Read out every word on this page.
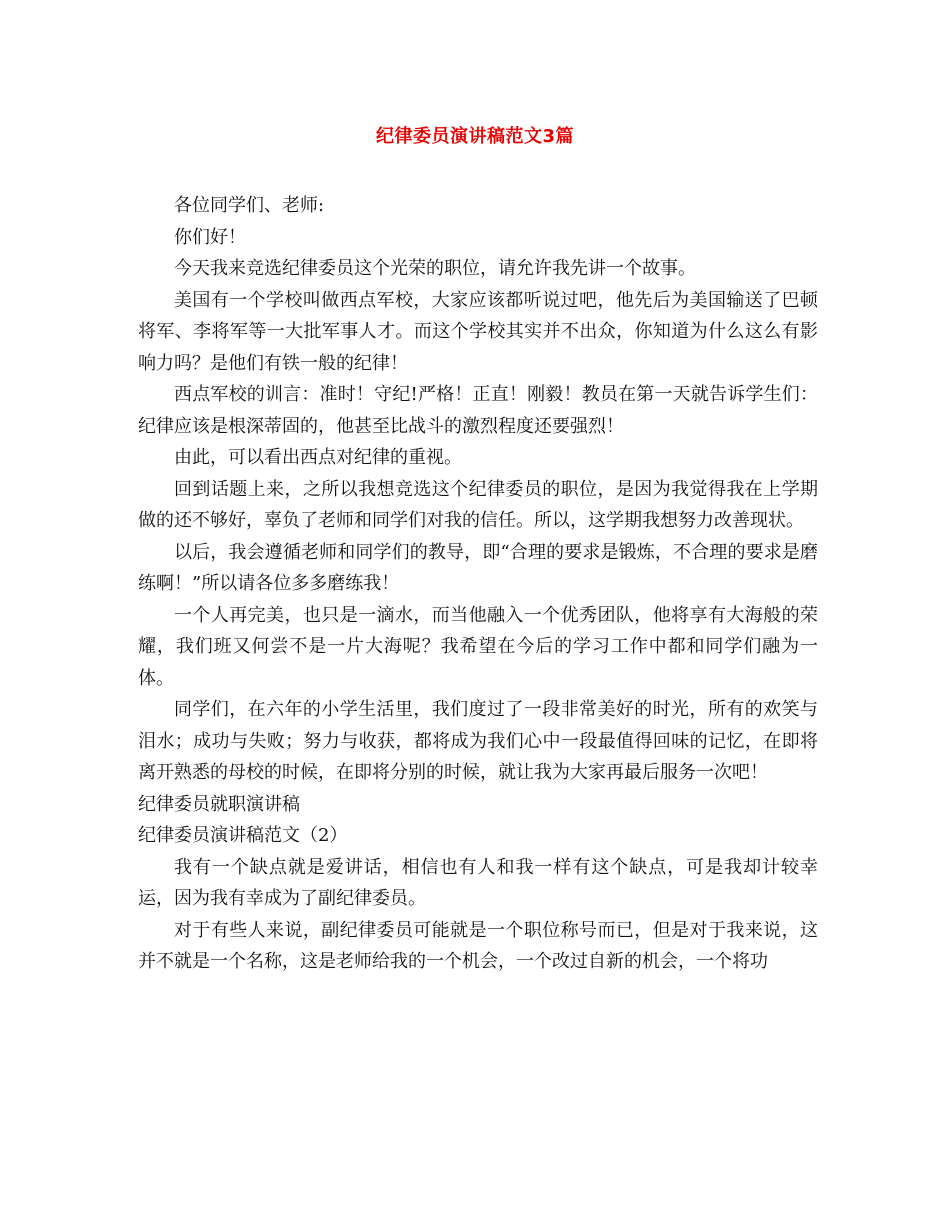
纪律委员演讲稿范文3篇

各位同学们、老师:

你们好！

今天我来竞选纪律委员这个光荣的职位，请允许我先讲一个故事。

美国有一个学校叫做西点军校，大家应该都听说过吧，他先后为美国输送了巴顿将军、李将军等一大批军事人才。而这个学校其实并不出众，你知道为什么这么有影响力吗？是他们有铁一般的纪律！

西点军校的训言：准时！守纪!严格！正直！刚毅！教员在第一天就告诉学生们：纪律应该是根深蒂固的，他甚至比战斗的激烈程度还要强烈！

由此，可以看出西点对纪律的重视。

回到话题上来，之所以我想竞选这个纪律委员的职位，是因为我觉得我在上学期做的还不够好，辜负了老师和同学们对我的信任。所以，这学期我想努力改善现状。

以后，我会遵循老师和同学们的教导，即“合理的要求是锻炼，不合理的要求是磨练啊！”所以请各位多多磨练我！

一个人再完美，也只是一滴水，而当他融入一个优秀团队，他将享有大海般的荣耀，我们班又何尝不是一片大海呢？我希望在今后的学习工作中都和同学们融为一体。

同学们，在六年的小学生活里，我们度过了一段非常美好的时光，所有的欢笑与泪水；成功与失败；努力与收获，都将成为我们心中一段最值得回味的记忆，在即将离开熟悉的母校的时候，在即将分别的时候，就让我为大家再最后服务一次吧！

纪律委员就职演讲稿

纪律委员演讲稿范文（2）

我有一个缺点就是爱讲话，相信也有人和我一样有这个缺点，可是我却计较幸运，因为我有幸成为了副纪律委员。

对于有些人来说，副纪律委员可能就是一个职位称号而已，但是对于我来说，这并不就是一个名称，这是老师给我的一个机会，一个改过自新的机会，一个将功
